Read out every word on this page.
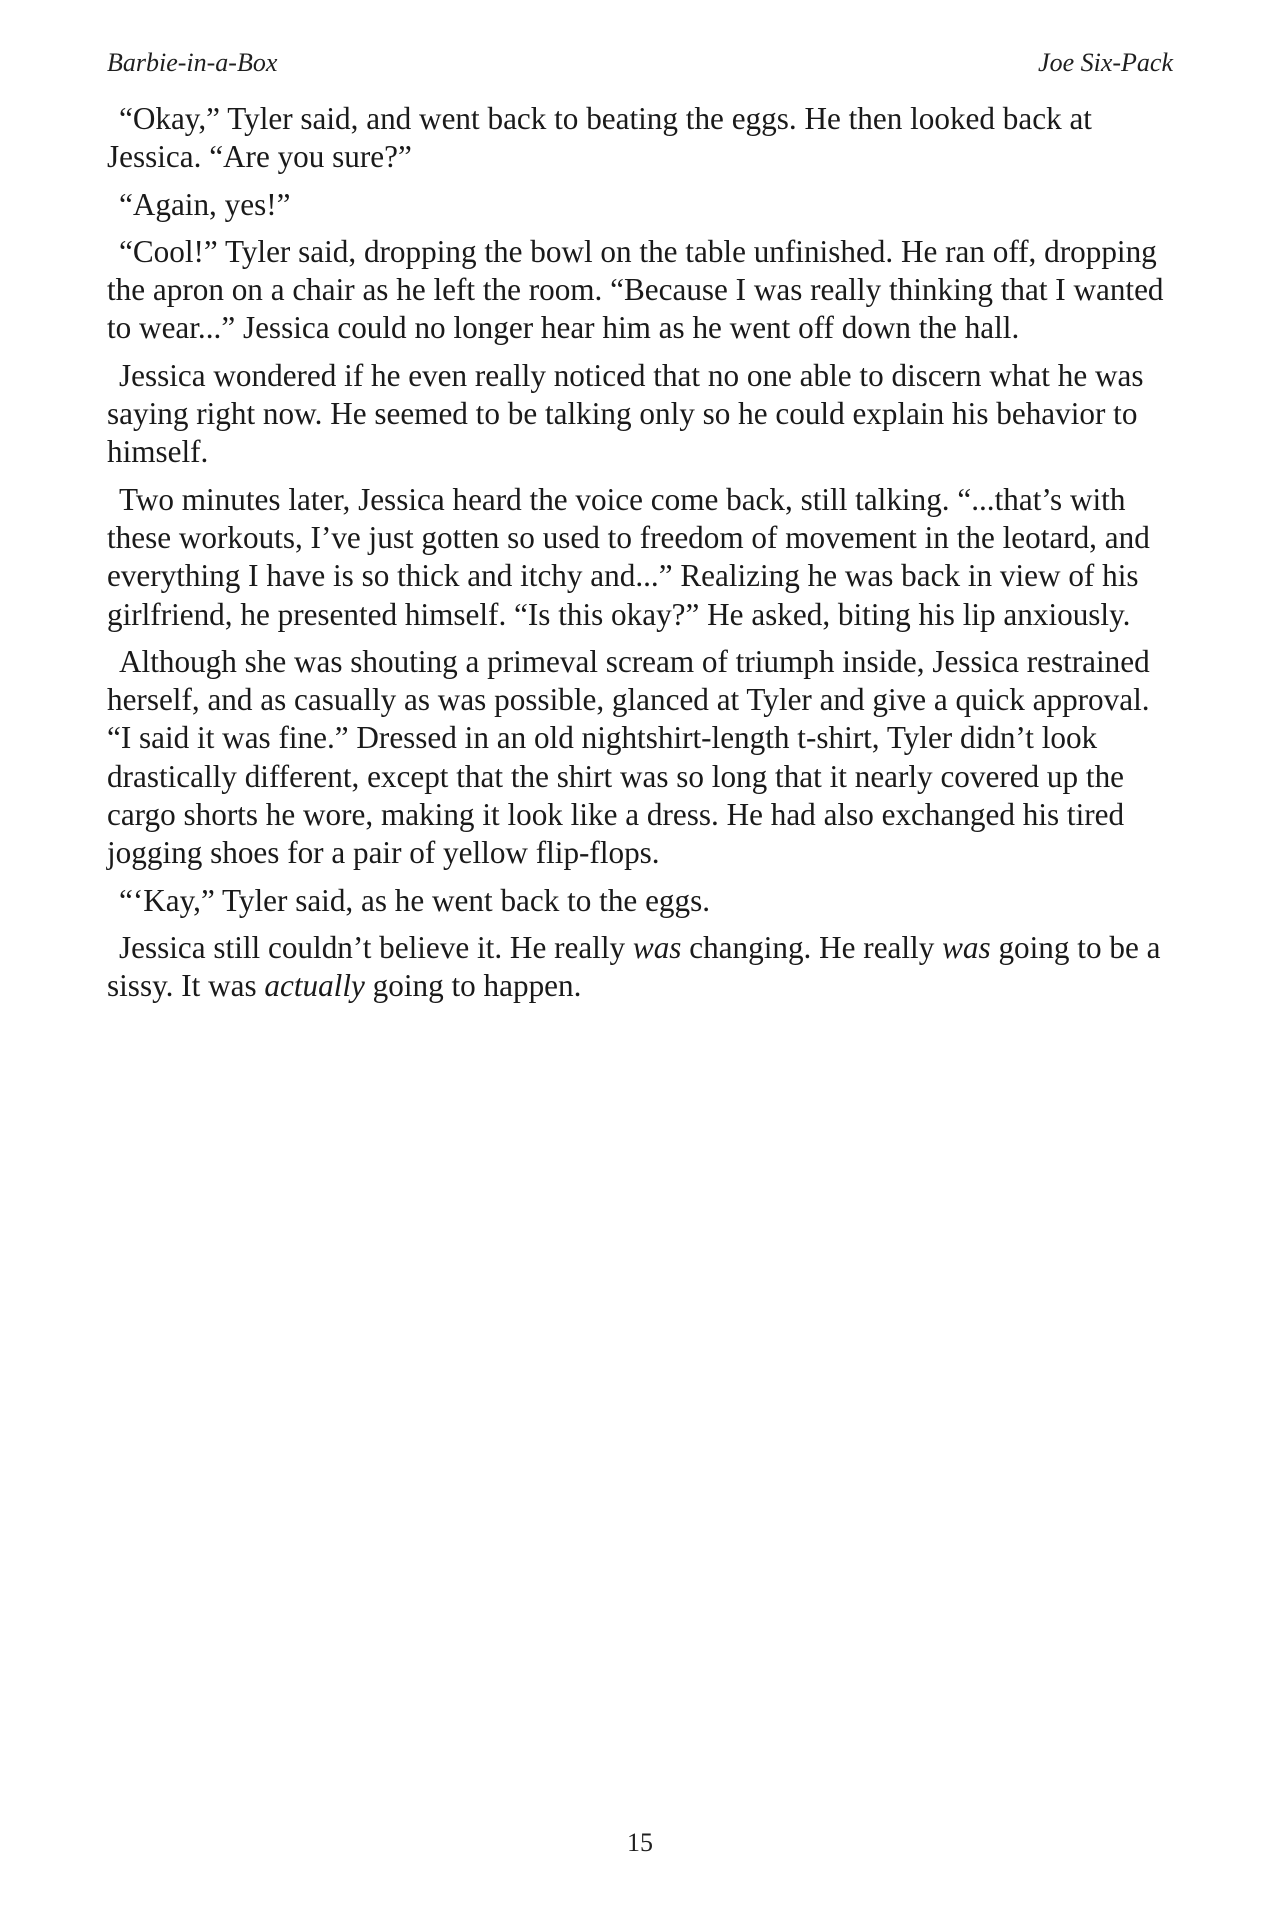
Barbie-in-a-Box	Joe Six-Pack

“Okay,” Tyler said, and went back to beating the eggs. He then looked back at Jessica. “Are you sure?”

“Again, yes!”

“Cool!” Tyler said, dropping the bowl on the table unfinished. He ran off, dropping the apron on a chair as he left the room. “Because I was really thinking that I wanted to wear...” Jessica could no longer hear him as he went off down the hall.

Jessica wondered if he even really noticed that no one able to discern what he was saying right now. He seemed to be talking only so he could explain his behavior to himself.

Two minutes later, Jessica heard the voice come back, still talking. “...that’s with these workouts, I’ve just gotten so used to freedom of movement in the leotard, and everything I have is so thick and itchy and...” Realizing he was back in view of his girlfriend, he presented himself. “Is this okay?” He asked, biting his lip anxiously.

Although she was shouting a primeval scream of triumph inside, Jessica restrained herself, and as casually as was possible, glanced at Tyler and give a quick approval. “I said it was fine.” Dressed in an old nightshirt-length t-shirt, Tyler didn’t look drastically different, except that the shirt was so long that it nearly covered up the cargo shorts he wore, making it look like a dress. He had also exchanged his tired jogging shoes for a pair of yellow flip-flops.

“‘Kay,” Tyler said, as he went back to the eggs.

Jessica still couldn’t believe it. He really was changing. He really was going to be a sissy. It was actually going to happen.

15
